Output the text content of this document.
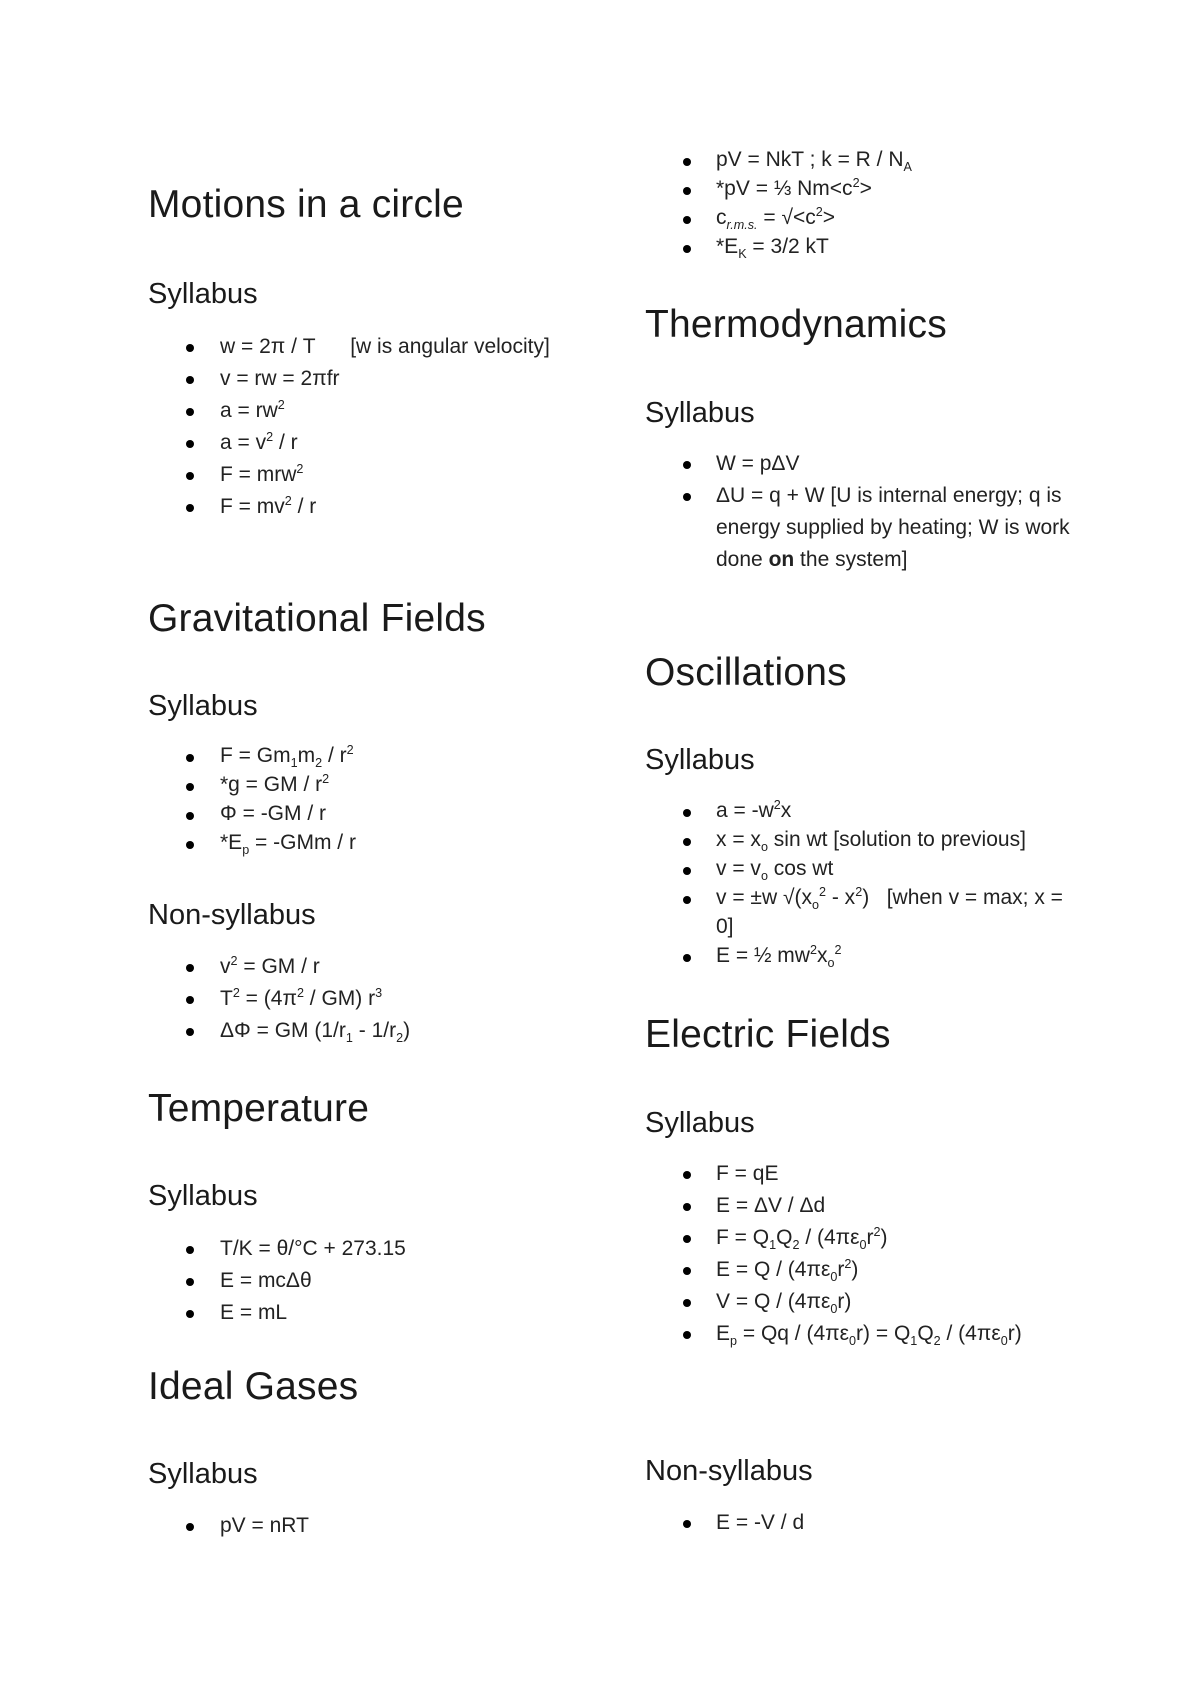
Motions in a circle
Syllabus
w = 2π / T      [w is angular velocity]
v = rw = 2πfr
$a = rw^2$
$a = v^2 / r$
F = mrw$^2$
$F = mv^2 / r$
Gravitational Fields
Syllabus
$F = Gm_1m_2 / r^2$
*g = GM / $r^2$
Φ = -GM / r
$*E_p = -GMm / r$
Non-syllabus
$v^2$ = GM / r
$T^2 = (4\pi^2 / GM)$ $r^3$
ΔΦ = GM $(1/r_1 - 1/r_2)$
Temperature
Syllabus
T/K = θ/°C + 273.15
E = mcΔθ
E = mL
Ideal Gases
Syllabus
pV = nRT
pV = NkT ; $k = R / N_A$
*pV = ⅓ $Nm<c^2>$
$c_{r.m.s.} = √<c^2>$
$*E_K = 3/2$ kT
Thermodynamics
Syllabus
W = pΔV
ΔU = q + W [U is internal energy; q is energy supplied by heating; W is work done on the system]
Oscillations
Syllabus
$a = -w^2x$
$x = x_o$ sin wt [solution to previous]
$v = v_o$ cos wt
v = ±w $√(x_o^2 - x^2)$   [when v = max; x = 0]
E = ½ $mw^2x_o^2$
Electric Fields
Syllabus
F = qE
E = ΔV / Δd
$F = Q_1Q_2 / (4\pi\varepsilon_0r^2)$
$E = Q / (4\pi\varepsilon_0r^2)$
$V = Q / (4\pi\varepsilon_0r)$
$E_p = Qq / (4\pi\varepsilon_0r) = Q_1Q_2 / (4\pi\varepsilon_0r)$
Non-syllabus
E = -V / d
